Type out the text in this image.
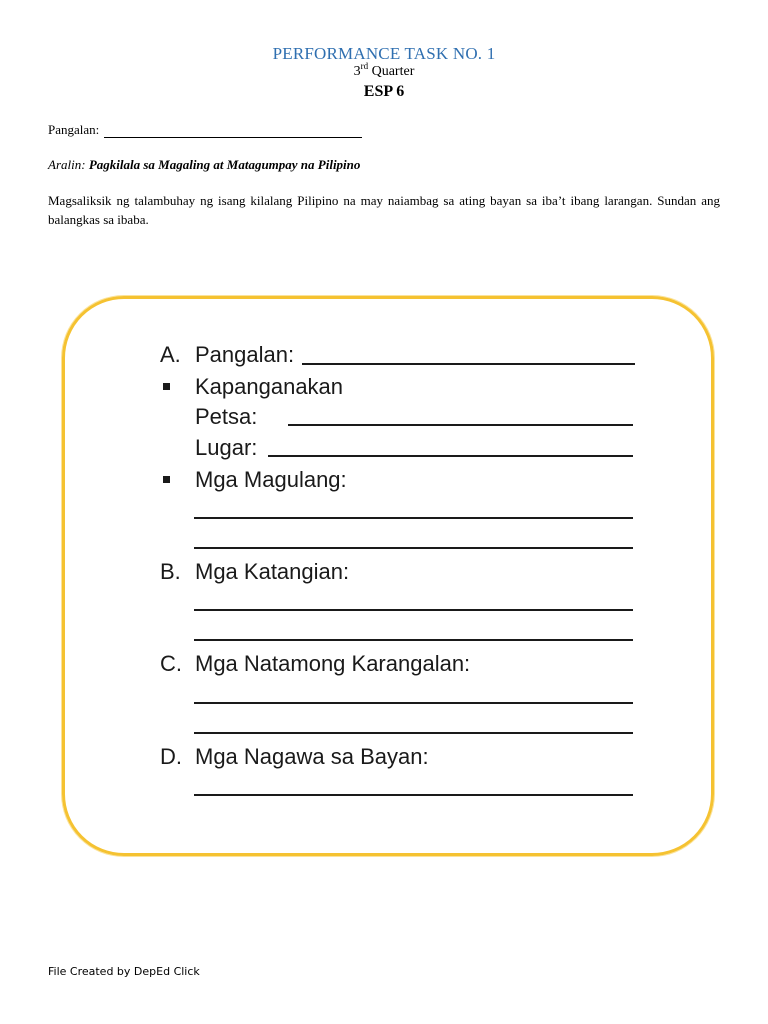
PERFORMANCE TASK NO. 1
3rd Quarter
ESP 6
Pangalan:
Aralin: Pagkilala sa Magaling at Matagumpay na Pilipino
Magsaliksik ng talambuhay ng isang kilalang Pilipino na may naiambag sa ating bayan sa iba’t ibang larangan. Sundan ang balangkas sa ibaba.
A. Pangalan:
Kapanganakan
Petsa:
Lugar:
Mga Magulang:
B. Mga Katangian:
C. Mga Natamong Karangalan:
D. Mga Nagawa sa Bayan:
File Created by DepEd Click
